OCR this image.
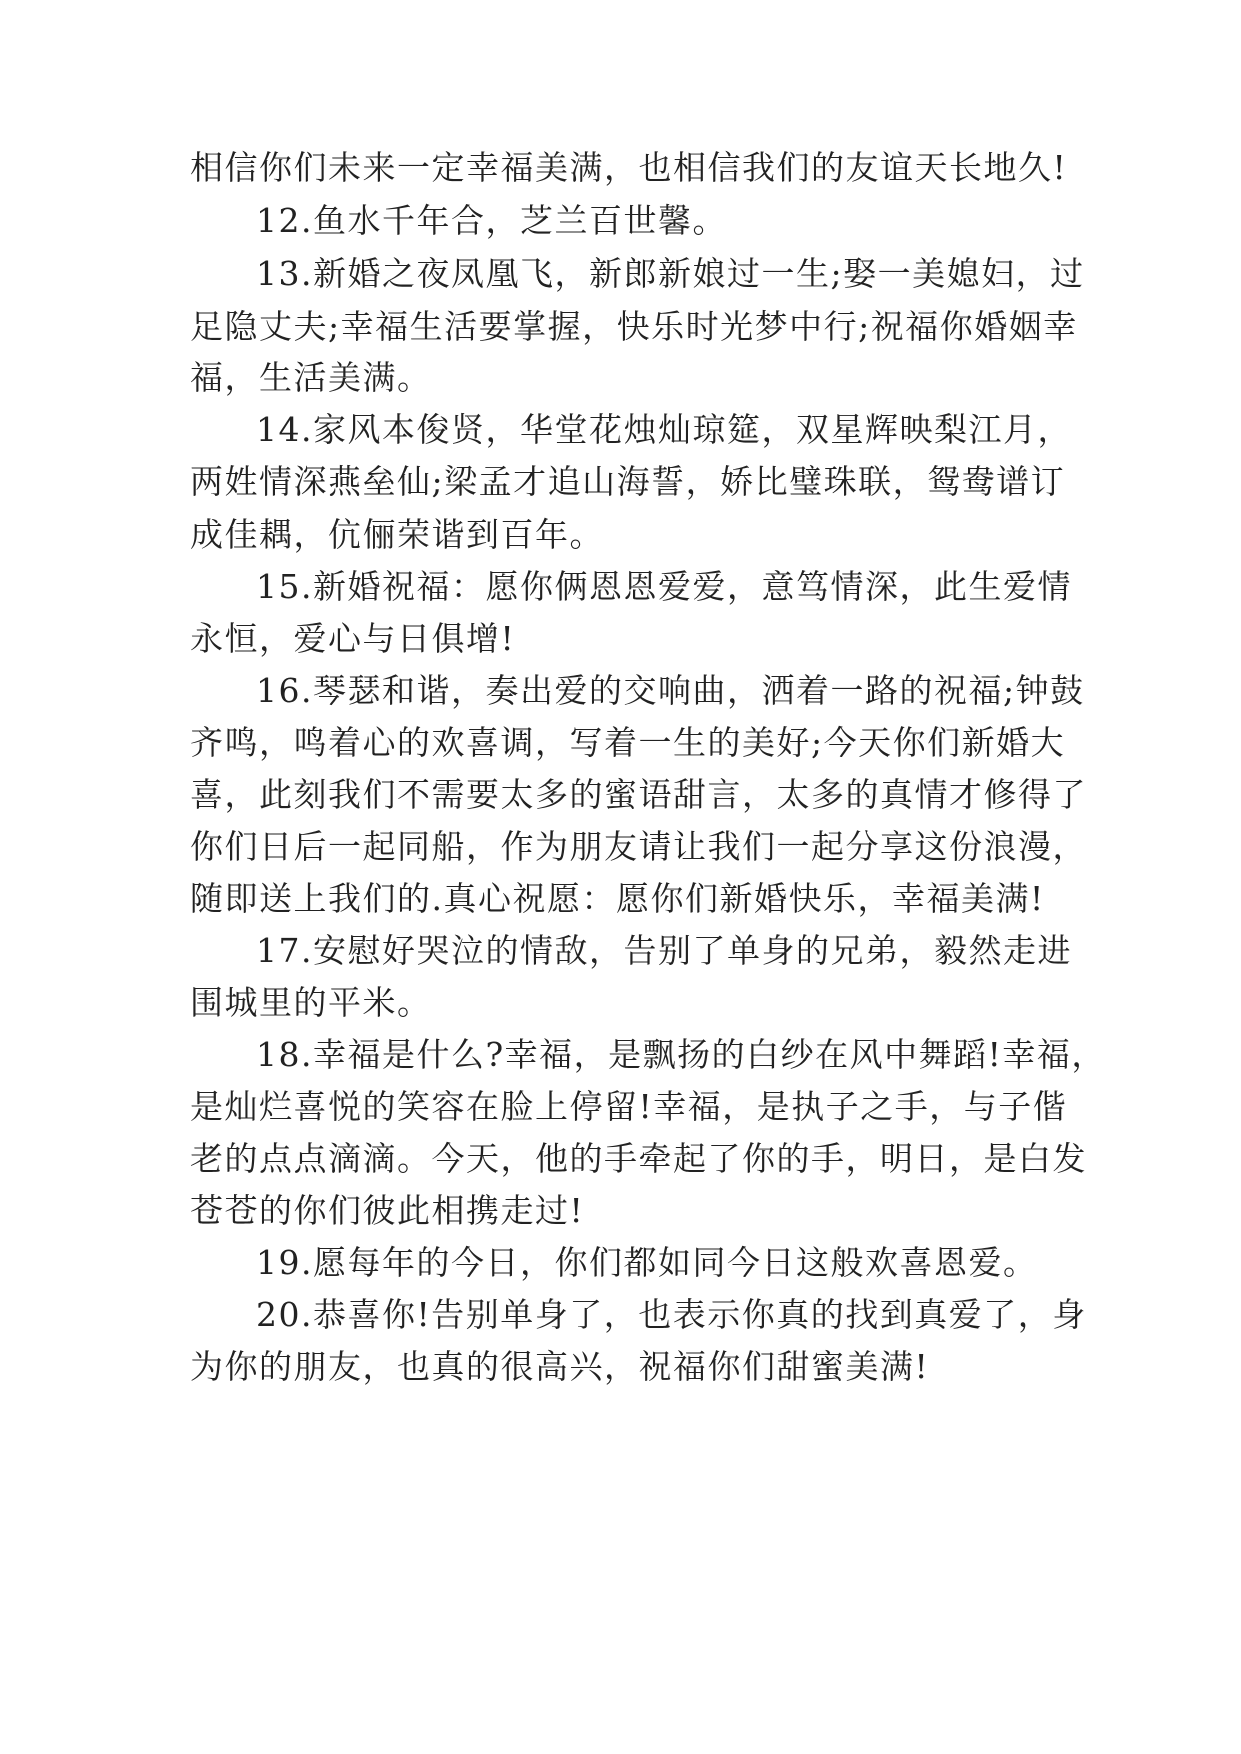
相信你们未来一定幸福美满，也相信我们的友谊天长地久!
12.鱼水千年合，芝兰百世馨。
13.新婚之夜凤凰飞，新郎新娘过一生;娶一美媳妇，过
足隐丈夫;幸福生活要掌握，快乐时光梦中行;祝福你婚姻幸
福，生活美满。
14.家风本俊贤，华堂花烛灿琼筵，双星辉映梨江月，
两姓情深燕垒仙;梁孟才追山海誓，娇比璧珠联，鸳鸯谱订
成佳耦，伉俪荣谐到百年。
15.新婚祝福：愿你俩恩恩爱爱，意笃情深，此生爱情
永恒，爱心与日俱增!
16.琴瑟和谐，奏出爱的交响曲，洒着一路的祝福;钟鼓
齐鸣，鸣着心的欢喜调，写着一生的美好;今天你们新婚大
喜，此刻我们不需要太多的蜜语甜言，太多的真情才修得了
你们日后一起同船，作为朋友请让我们一起分享这份浪漫，
随即送上我们的.真心祝愿：愿你们新婚快乐，幸福美满!
17.安慰好哭泣的情敌，告别了单身的兄弟，毅然走进
围城里的平米。
18.幸福是什么?幸福，是飘扬的白纱在风中舞蹈!幸福，
是灿烂喜悦的笑容在脸上停留!幸福，是执子之手，与子偕
老的点点滴滴。今天，他的手牵起了你的手，明日，是白发
苍苍的你们彼此相携走过!
19.愿每年的今日，你们都如同今日这般欢喜恩爱。
20.恭喜你!告别单身了，也表示你真的找到真爱了，身
为你的朋友，也真的很高兴，祝福你们甜蜜美满!
